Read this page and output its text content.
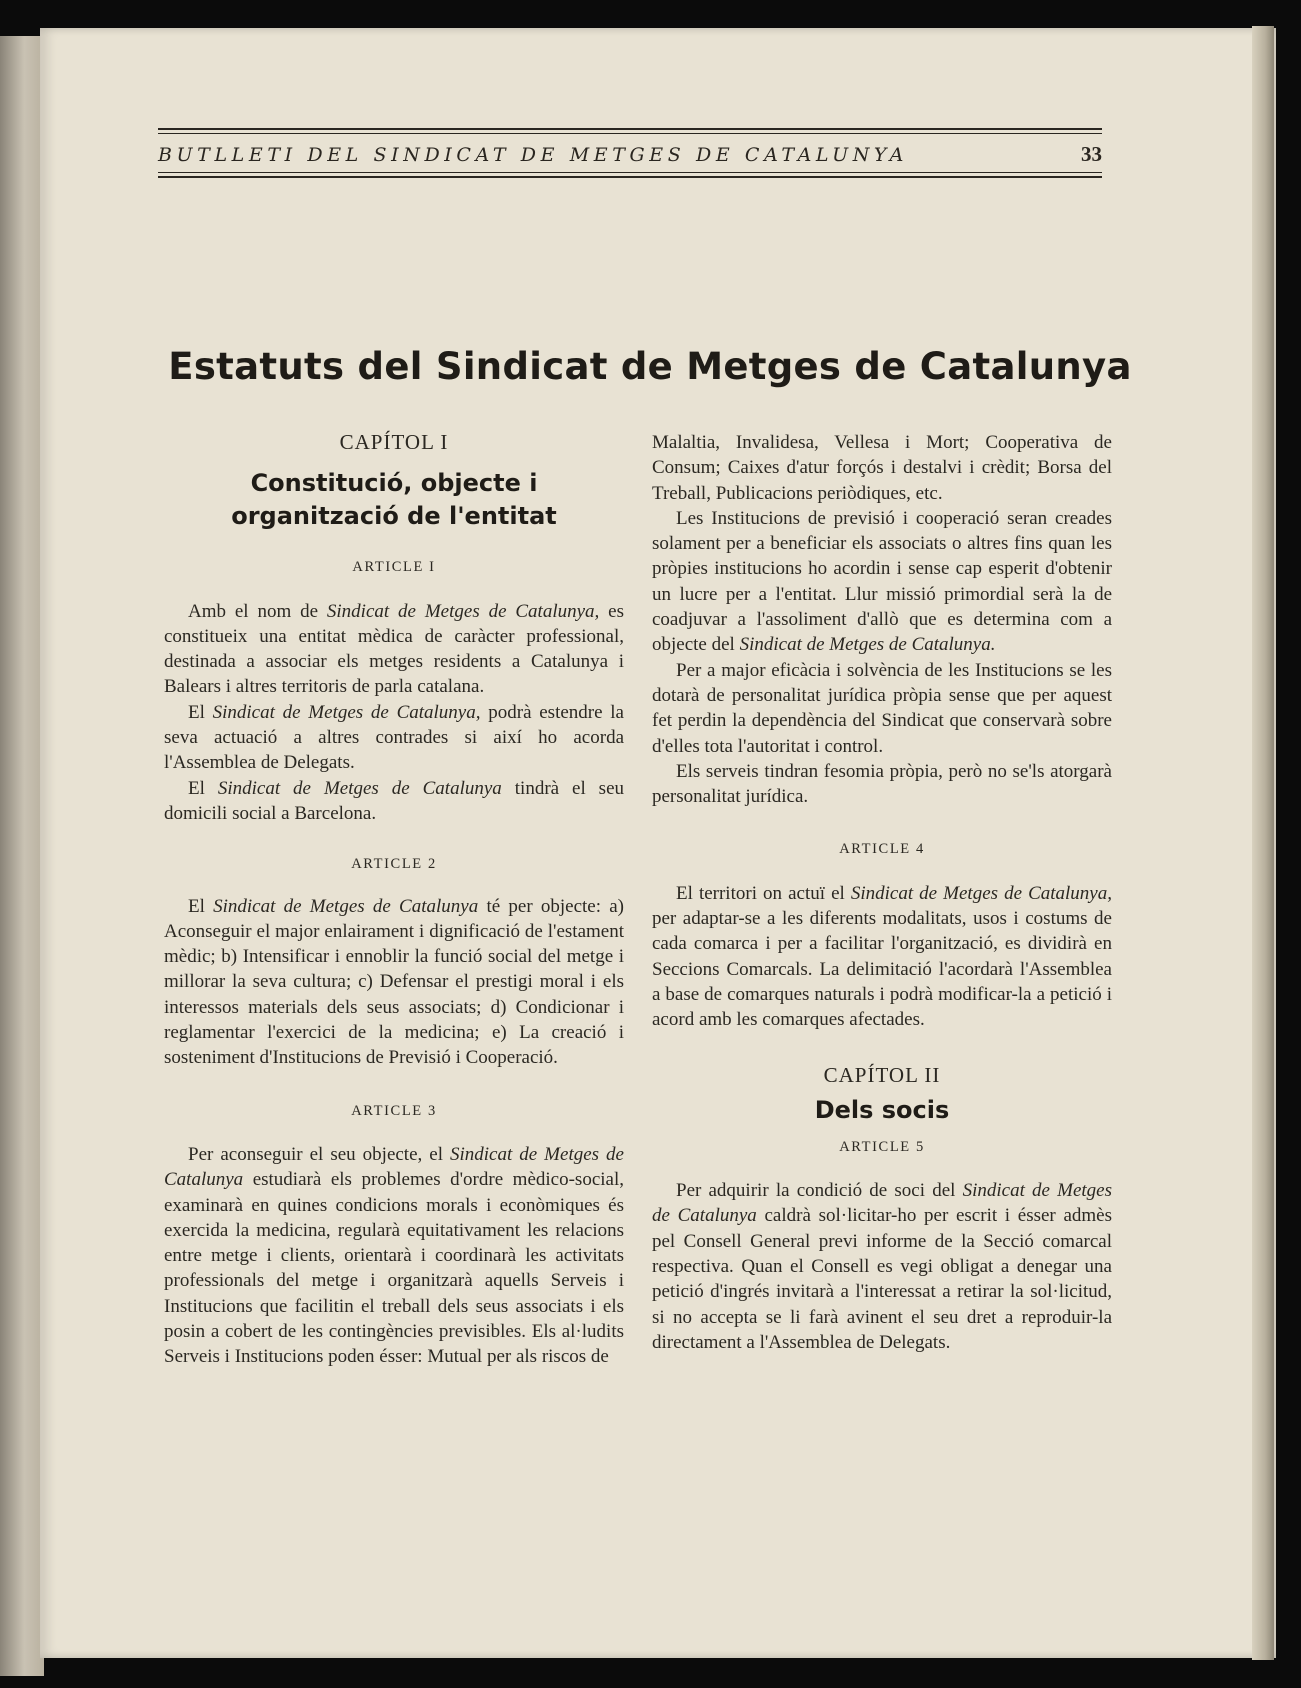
BUTLLETI DEL SINDICAT DE METGES DE CATALUNYA	33
Estatuts del Sindicat de Metges de Catalunya

CAPÍTOL I

Constitució, objecte i organització de l'entitat

ARTICLE I

Amb el nom de Sindicat de Metges de Catalunya, es constitueix una entitat mèdica de caràcter professional, destinada a associar els metges residents a Catalunya i Balears i altres territoris de parla catalana.

El Sindicat de Metges de Catalunya, podrà estendre la seva actuació a altres contrades si així ho acorda l'Assemblea de Delegats.

El Sindicat de Metges de Catalunya tindrà el seu domicili social a Barcelona.

ARTICLE 2

El Sindicat de Metges de Catalunya té per objecte: a) Aconseguir el major enlairament i dignificació de l'estament mèdic; b) Intensificar i ennoblir la funció social del metge i millorar la seva cultura; c) Defensar el prestigi moral i els interessos materials dels seus associats; d) Condicionar i reglamentar l'exercici de la medicina; e) La creació i sosteniment d'Institucions de Previsió i Cooperació.

ARTICLE 3

Per aconseguir el seu objecte, el Sindicat de Metges de Catalunya estudiarà els problemes d'ordre mèdico-social, examinarà en quines condicions morals i econòmiques és exercida la medicina, regularà equitativament les relacions entre metge i clients, orientarà i coordinarà les activitats professionals del metge i organitzarà aquells Serveis i Institucions que facilitin el treball dels seus associats i els posin a cobert de les contingències previsibles. Els al·ludits Serveis i Institucions poden ésser: Mutual per als riscos de

Malaltia, Invalidesa, Vellesa i Mort; Cooperativa de Consum; Caixes d'atur forçós i destalvi i crèdit; Borsa del Treball, Publicacions periòdiques, etc.

Les Institucions de previsió i cooperació seran creades solament per a beneficiar els associats o altres fins quan les pròpies institucions ho acordin i sense cap esperit d'obtenir un lucre per a l'entitat. Llur missió primordial serà la de coadjuvar a l'assoliment d'allò que es determina com a objecte del Sindicat de Metges de Catalunya.

Per a major eficàcia i solvència de les Institucions se les dotarà de personalitat jurídica pròpia sense que per aquest fet perdin la dependència del Sindicat que conservarà sobre d'elles tota l'autoritat i control.

Els serveis tindran fesomia pròpia, però no se'ls atorgarà personalitat jurídica.

ARTICLE 4

El territori on actuï el Sindicat de Metges de Catalunya, per adaptar-se a les diferents modalitats, usos i costums de cada comarca i per a facilitar l'organització, es dividirà en Seccions Comarcals. La delimitació l'acordarà l'Assemblea a base de comarques naturals i podrà modificar-la a petició i acord amb les comarques afectades.

CAPÍTOL II

Dels socis

ARTICLE 5

Per adquirir la condició de soci del Sindicat de Metges de Catalunya caldrà sol·licitar-ho per escrit i ésser admès pel Consell General previ informe de la Secció comarcal respectiva. Quan el Consell es vegi obligat a denegar una petició d'ingrés invitarà a l'interessat a retirar la sol·licitud, si no accepta se li farà avinent el seu dret a reproduir-la directament a l'Assemblea de Delegats.
